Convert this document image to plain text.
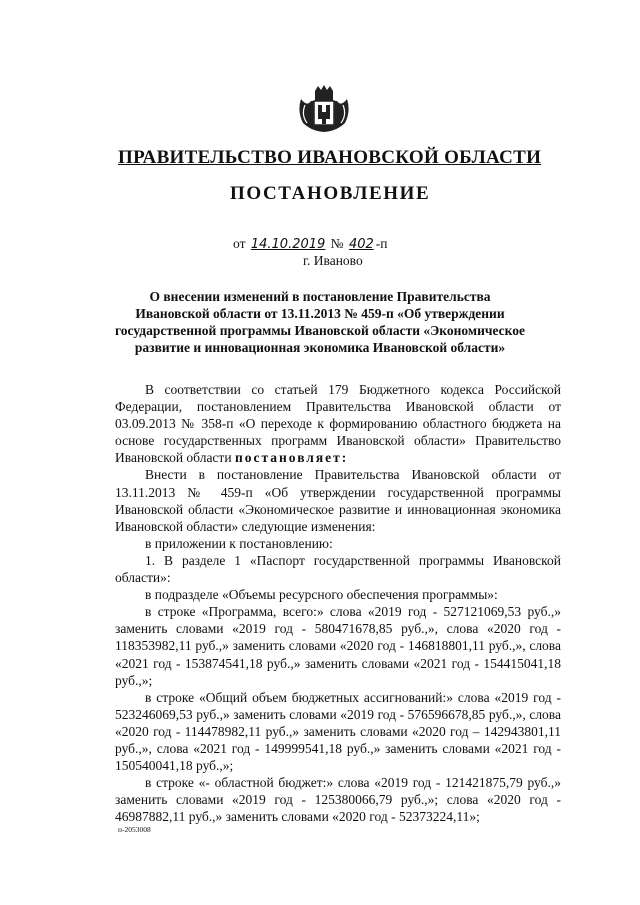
ПРАВИТЕЛЬСТВО ИВАНОВСКОЙ ОБЛАСТИ
ПОСТАНОВЛЕНИЕ
от 14.10.2019 № 402 -п
г. Иваново
О внесении изменений в постановление Правительства
Ивановской области от 13.11.2013 № 459-п «Об утверждении
государственной программы Ивановской области «Экономическое
развитие и инновационная экономика Ивановской области»

В соответствии со статьей 179 Бюджетного кодекса Российской Федерации, постановлением Правительства Ивановской области от 03.09.2013 № 358-п «О переходе к формированию областного бюджета на основе государственных программ Ивановской области» Правительство Ивановской области постановляет:

Внести в постановление Правительства Ивановской области от 13.11.2013 № 459-п «Об утверждении государственной программы Ивановской области «Экономическое развитие и инновационная экономика Ивановской области» следующие изменения:

в приложении к постановлению:

1. В разделе 1 «Паспорт государственной программы Ивановской области»:

в подразделе «Объемы ресурсного обеспечения программы»:

в строке «Программа, всего:» слова «2019 год - 527121069,53 руб.,» заменить словами «2019 год - 580471678,85 руб.,», слова «2020 год - 118353982,11 руб.,» заменить словами «2020 год - 146818801,11 руб.,», слова «2021 год - 153874541,18 руб.,» заменить словами «2021 год - 154415041,18 руб.,»;

в строке «Общий объем бюджетных ассигнований:» слова «2019 год - 523246069,53 руб.,» заменить словами «2019 год - 576596678,85 руб.,», слова «2020 год - 114478982,11 руб.,» заменить словами «2020 год – 142943801,11 руб.,», слова «2021 год - 149999541,18 руб.,» заменить словами «2021 год - 150540041,18 руб.,»;

в строке «- областной бюджет:» слова «2019 год - 121421875,79 руб.,» заменить словами «2019 год - 125380066,79 руб.,»; слова «2020 год - 46987882,11 руб.,» заменить словами «2020 год - 52373224,11»;

п-2053008
